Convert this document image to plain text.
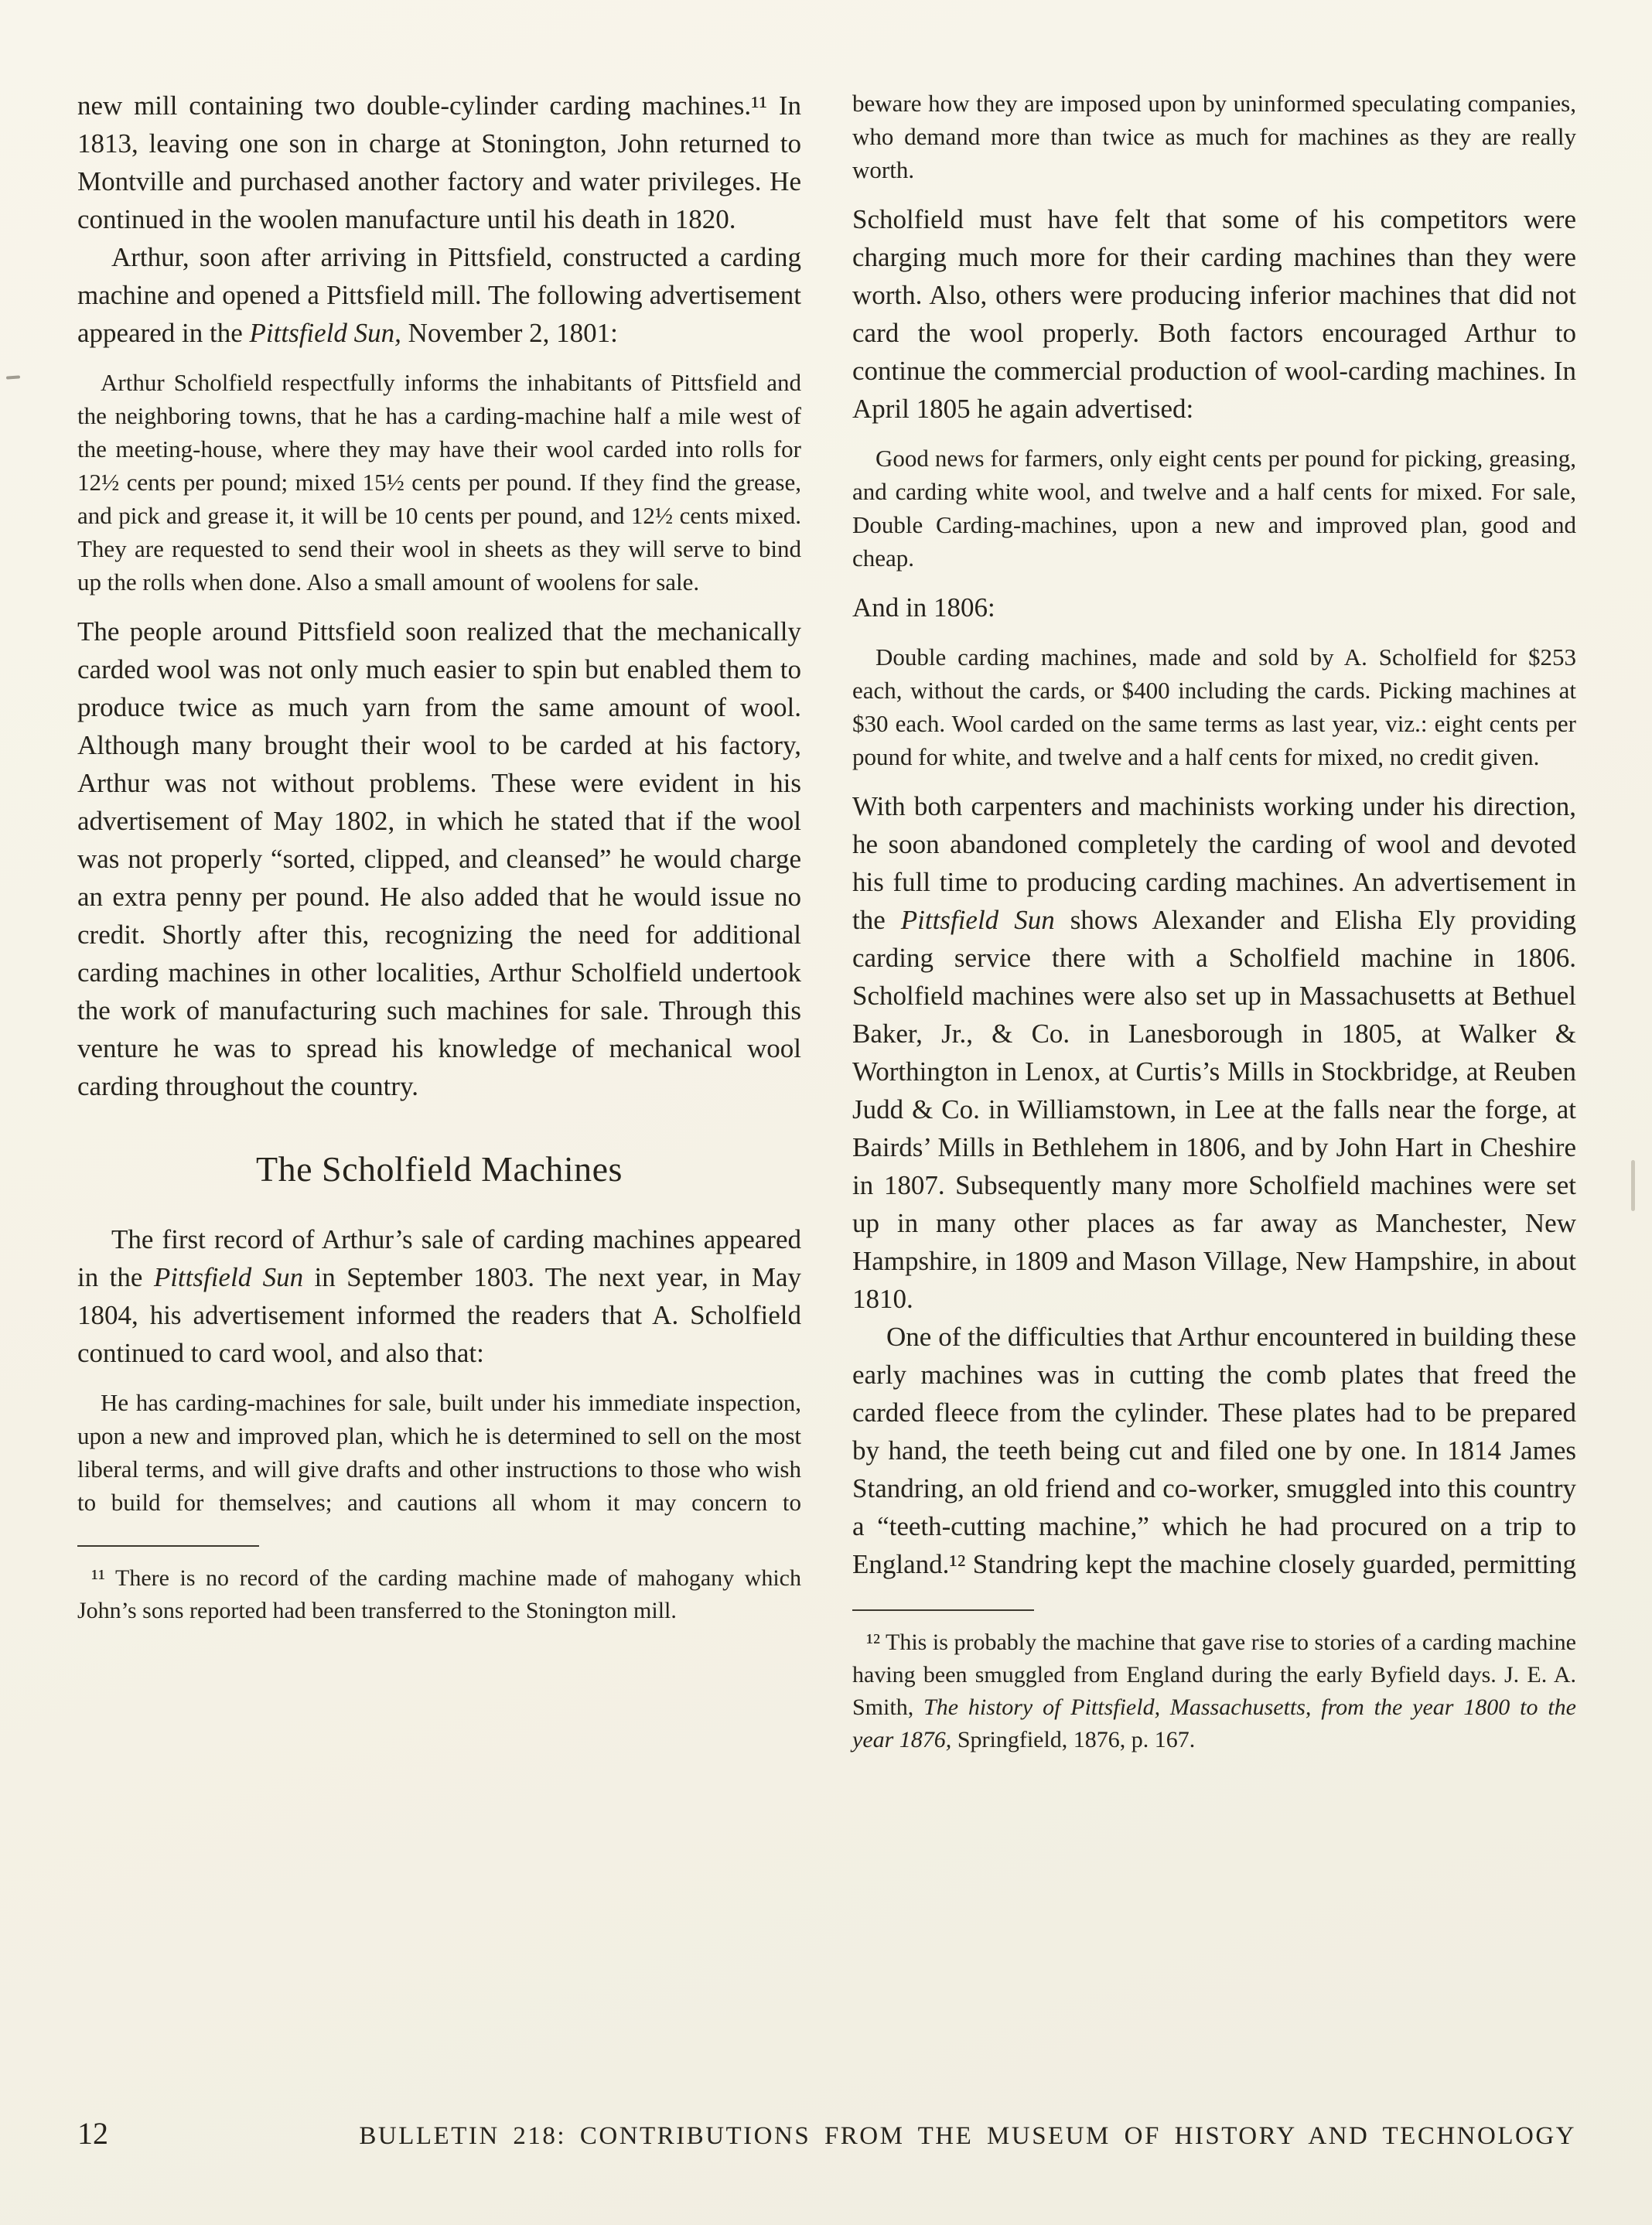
new mill containing two double-cylinder carding machines.¹¹ In 1813, leaving one son in charge at Stonington, John returned to Montville and purchased another factory and water privileges. He continued in the woolen manufacture until his death in 1820.

Arthur, soon after arriving in Pittsfield, constructed a carding machine and opened a Pittsfield mill. The following advertisement appeared in the Pittsfield Sun, November 2, 1801:

Arthur Scholfield respectfully informs the inhabitants of Pittsfield and the neighboring towns, that he has a carding-machine half a mile west of the meeting-house, where they may have their wool carded into rolls for 12½ cents per pound; mixed 15½ cents per pound. If they find the grease, and pick and grease it, it will be 10 cents per pound, and 12½ cents mixed. They are requested to send their wool in sheets as they will serve to bind up the rolls when done. Also a small amount of woolens for sale.

The people around Pittsfield soon realized that the mechanically carded wool was not only much easier to spin but enabled them to produce twice as much yarn from the same amount of wool. Although many brought their wool to be carded at his factory, Arthur was not without problems. These were evident in his advertisement of May 1802, in which he stated that if the wool was not properly “sorted, clipped, and cleansed” he would charge an extra penny per pound. He also added that he would issue no credit. Shortly after this, recognizing the need for additional carding machines in other localities, Arthur Scholfield undertook the work of manufacturing such machines for sale. Through this venture he was to spread his knowledge of mechanical wool carding throughout the country.

The Scholfield Machines

The first record of Arthur’s sale of carding machines appeared in the Pittsfield Sun in September 1803. The next year, in May 1804, his advertisement informed the readers that A. Scholfield continued to card wool, and also that:

He has carding-machines for sale, built under his immediate inspection, upon a new and improved plan, which he is determined to sell on the most liberal terms, and will give drafts and other instructions to those who wish to build for themselves; and cautions all whom it may concern to

¹¹ There is no record of the carding machine made of mahogany which John’s sons reported had been transferred to the Stonington mill.

beware how they are imposed upon by uninformed speculating companies, who demand more than twice as much for machines as they are really worth.

Scholfield must have felt that some of his competitors were charging much more for their carding machines than they were worth. Also, others were producing inferior machines that did not card the wool properly. Both factors encouraged Arthur to continue the commercial production of wool-carding machines. In April 1805 he again advertised:

Good news for farmers, only eight cents per pound for picking, greasing, and carding white wool, and twelve and a half cents for mixed. For sale, Double Carding-machines, upon a new and improved plan, good and cheap.

And in 1806:

Double carding machines, made and sold by A. Scholfield for $253 each, without the cards, or $400 including the cards. Picking machines at $30 each. Wool carded on the same terms as last year, viz.: eight cents per pound for white, and twelve and a half cents for mixed, no credit given.

With both carpenters and machinists working under his direction, he soon abandoned completely the carding of wool and devoted his full time to producing carding machines. An advertisement in the Pittsfield Sun shows Alexander and Elisha Ely providing carding service there with a Scholfield machine in 1806. Scholfield machines were also set up in Massachusetts at Bethuel Baker, Jr., & Co. in Lanesborough in 1805, at Walker & Worthington in Lenox, at Curtis’s Mills in Stockbridge, at Reuben Judd & Co. in Williamstown, in Lee at the falls near the forge, at Bairds’ Mills in Bethlehem in 1806, and by John Hart in Cheshire in 1807. Subsequently many more Scholfield machines were set up in many other places as far away as Manchester, New Hampshire, in 1809 and Mason Village, New Hampshire, in about 1810.

One of the difficulties that Arthur encountered in building these early machines was in cutting the comb plates that freed the carded fleece from the cylinder. These plates had to be prepared by hand, the teeth being cut and filed one by one. In 1814 James Standring, an old friend and co-worker, smuggled into this country a “teeth-cutting machine,” which he had procured on a trip to England.¹² Standring kept the machine closely guarded, permitting

¹² This is probably the machine that gave rise to stories of a carding machine having been smuggled from England during the early Byfield days. J. E. A. Smith, The history of Pittsfield, Massachusetts, from the year 1800 to the year 1876, Springfield, 1876, p. 167.

12	BULLETIN 218: CONTRIBUTIONS FROM THE MUSEUM OF HISTORY AND TECHNOLOGY
